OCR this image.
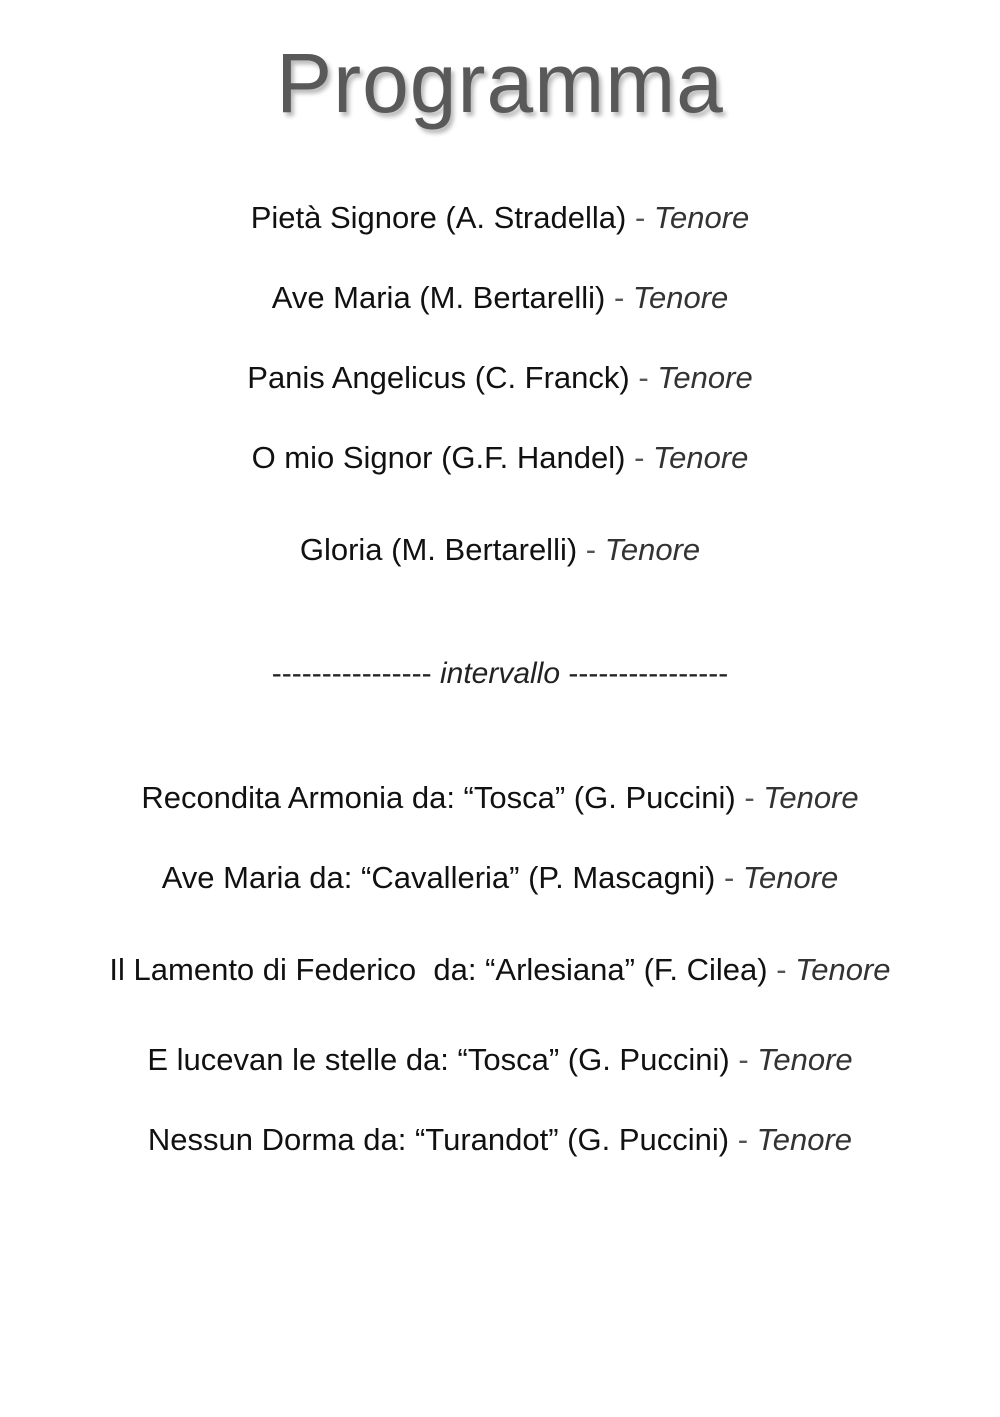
Programma

Pietà Signore (A. Stradella) - Tenore

Ave Maria (M. Bertarelli) - Tenore

Panis Angelicus (C. Franck) - Tenore

O mio Signor (G.F. Handel) - Tenore

Gloria (M. Bertarelli) - Tenore

---------------- intervallo ----------------

Recondita Armonia da: “Tosca” (G. Puccini) - Tenore

Ave Maria da: “Cavalleria” (P. Mascagni) - Tenore

Il Lamento di Federico  da: “Arlesiana” (F. Cilea) - Tenore

E lucevan le stelle da: “Tosca” (G. Puccini) - Tenore

Nessun Dorma da: “Turandot” (G. Puccini) - Tenore
